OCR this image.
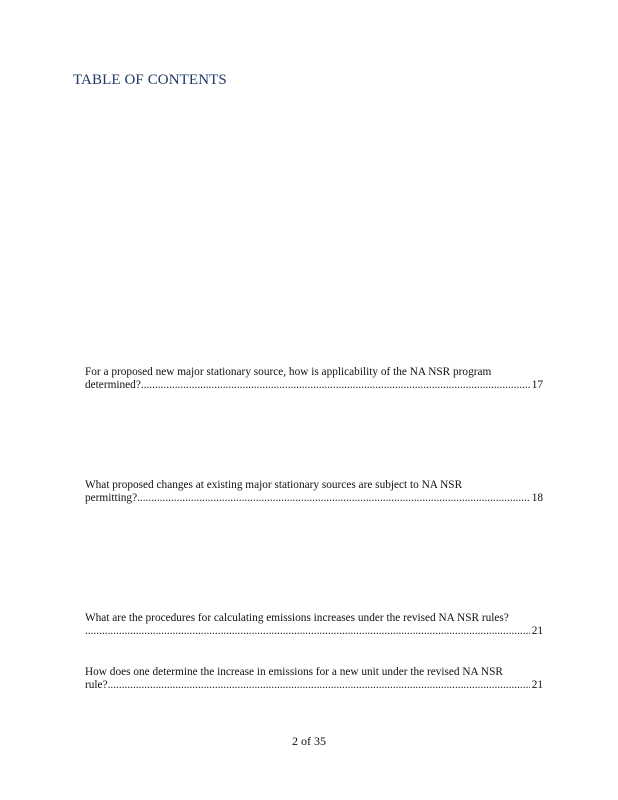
TABLE OF CONTENTS

For a proposed new major stationary source, how is applicability of the NA NSR program
determined? .....	17

What proposed changes at existing major stationary sources are subject to NA NSR
permitting? .....	18
What are the procedures for calculating emissions increases under the revised NA NSR rules?
.....
21
How does one determine the increase in emissions for a new unit under the revised NA NSR
rule? .....	21
2 of 35
